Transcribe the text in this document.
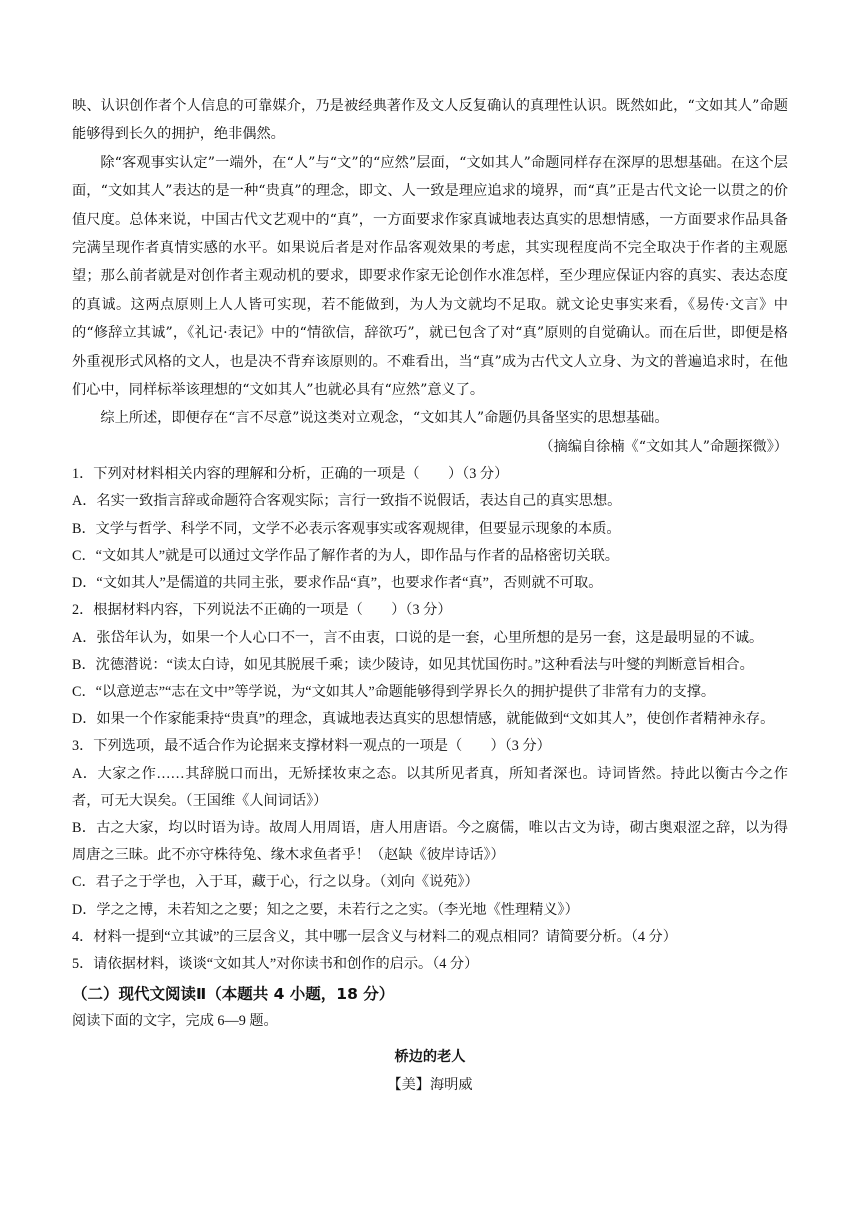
映、认识创作者个人信息的可靠媒介，乃是被经典著作及文人反复确认的真理性认识。既然如此，“文如其人”命题能够得到长久的拥护，绝非偶然。

除“客观事实认定”一端外，在“人”与“文”的“应然”层面，“文如其人”命题同样存在深厚的思想基础。在这个层面，“文如其人”表达的是一种“贵真”的理念，即文、人一致是理应追求的境界，而“真”正是古代文论一以贯之的价值尺度。总体来说，中国古代文艺观中的“真”，一方面要求作家真诚地表达真实的思想情感，一方面要求作品具备完满呈现作者真情实感的水平。如果说后者是对作品客观效果的考虑，其实现程度尚不完全取决于作者的主观愿望；那么前者就是对创作者主观动机的要求，即要求作家无论创作水准怎样，至少理应保证内容的真实、表达态度的真诚。这两点原则上人人皆可实现，若不能做到，为人为文就均不足取。就文论史事实来看，《易传·文言》中的“修辞立其诚”，《礼记·表记》中的“情欲信，辞欲巧”，就已包含了对“真”原则的自觉确认。而在后世，即便是格外重视形式风格的文人，也是决不背弃该原则的。不难看出，当“真”成为古代文人立身、为文的普遍追求时，在他们心中，同样标举该理想的“文如其人”也就必具有“应然”意义了。

综上所述，即便存在“言不尽意”说这类对立观念，“文如其人”命题仍具备坚实的思想基础。

（摘编自徐楠《“文如其人”命题探微》）

1．下列对材料相关内容的理解和分析，正确的一项是（　　）（3 分）

A．名实一致指言辞或命题符合客观实际；言行一致指不说假话，表达自己的真实思想。

B．文学与哲学、科学不同，文学不必表示客观事实或客观规律，但要显示现象的本质。

C．“文如其人”就是可以通过文学作品了解作者的为人，即作品与作者的品格密切关联。

D．“文如其人”是儒道的共同主张，要求作品“真”，也要求作者“真”，否则就不可取。

2．根据材料内容，下列说法不正确的一项是（　　）（3 分）

A．张岱年认为，如果一个人心口不一，言不由衷，口说的是一套，心里所想的是另一套，这是最明显的不诚。

B．沈德潜说：“读太白诗，如见其脱展千乘；读少陵诗，如见其忧国伤时。”这种看法与叶燮的判断意旨相合。

C．“以意逆志”“志在文中”等学说，为“文如其人”命题能够得到学界长久的拥护提供了非常有力的支撑。

D．如果一个作家能秉持“贵真”的理念，真诚地表达真实的思想情感，就能做到“文如其人”，使创作者精神永存。

3．下列选项，最不适合作为论据来支撑材料一观点的一项是（　　）（3 分）

A．大家之作……其辞脱口而出，无矫揉妆束之态。以其所见者真，所知者深也。诗词皆然。持此以衡古今之作者，可无大误矣。（王国维《人间词话》）

B．古之大家，均以时语为诗。故周人用周语，唐人用唐语。今之腐儒，唯以古文为诗，砌古奥艰涩之辞，以为得周唐之三昧。此不亦守株待兔、缘木求鱼者乎！（赵缺《彼岸诗话》）

C．君子之于学也，入于耳，藏于心，行之以身。（刘向《说苑》）

D．学之之博，未若知之之要；知之之要，未若行之之实。（李光地《性理精义》）

4．材料一提到“立其诚”的三层含义，其中哪一层含义与材料二的观点相同？请简要分析。（4 分）

5．请依据材料，谈谈“文如其人”对你读书和创作的启示。（4 分）

（二）现代文阅读Ⅱ（本题共 4 小题，18 分）

阅读下面的文字，完成 6—9 题。

桥边的老人

【美】海明威
